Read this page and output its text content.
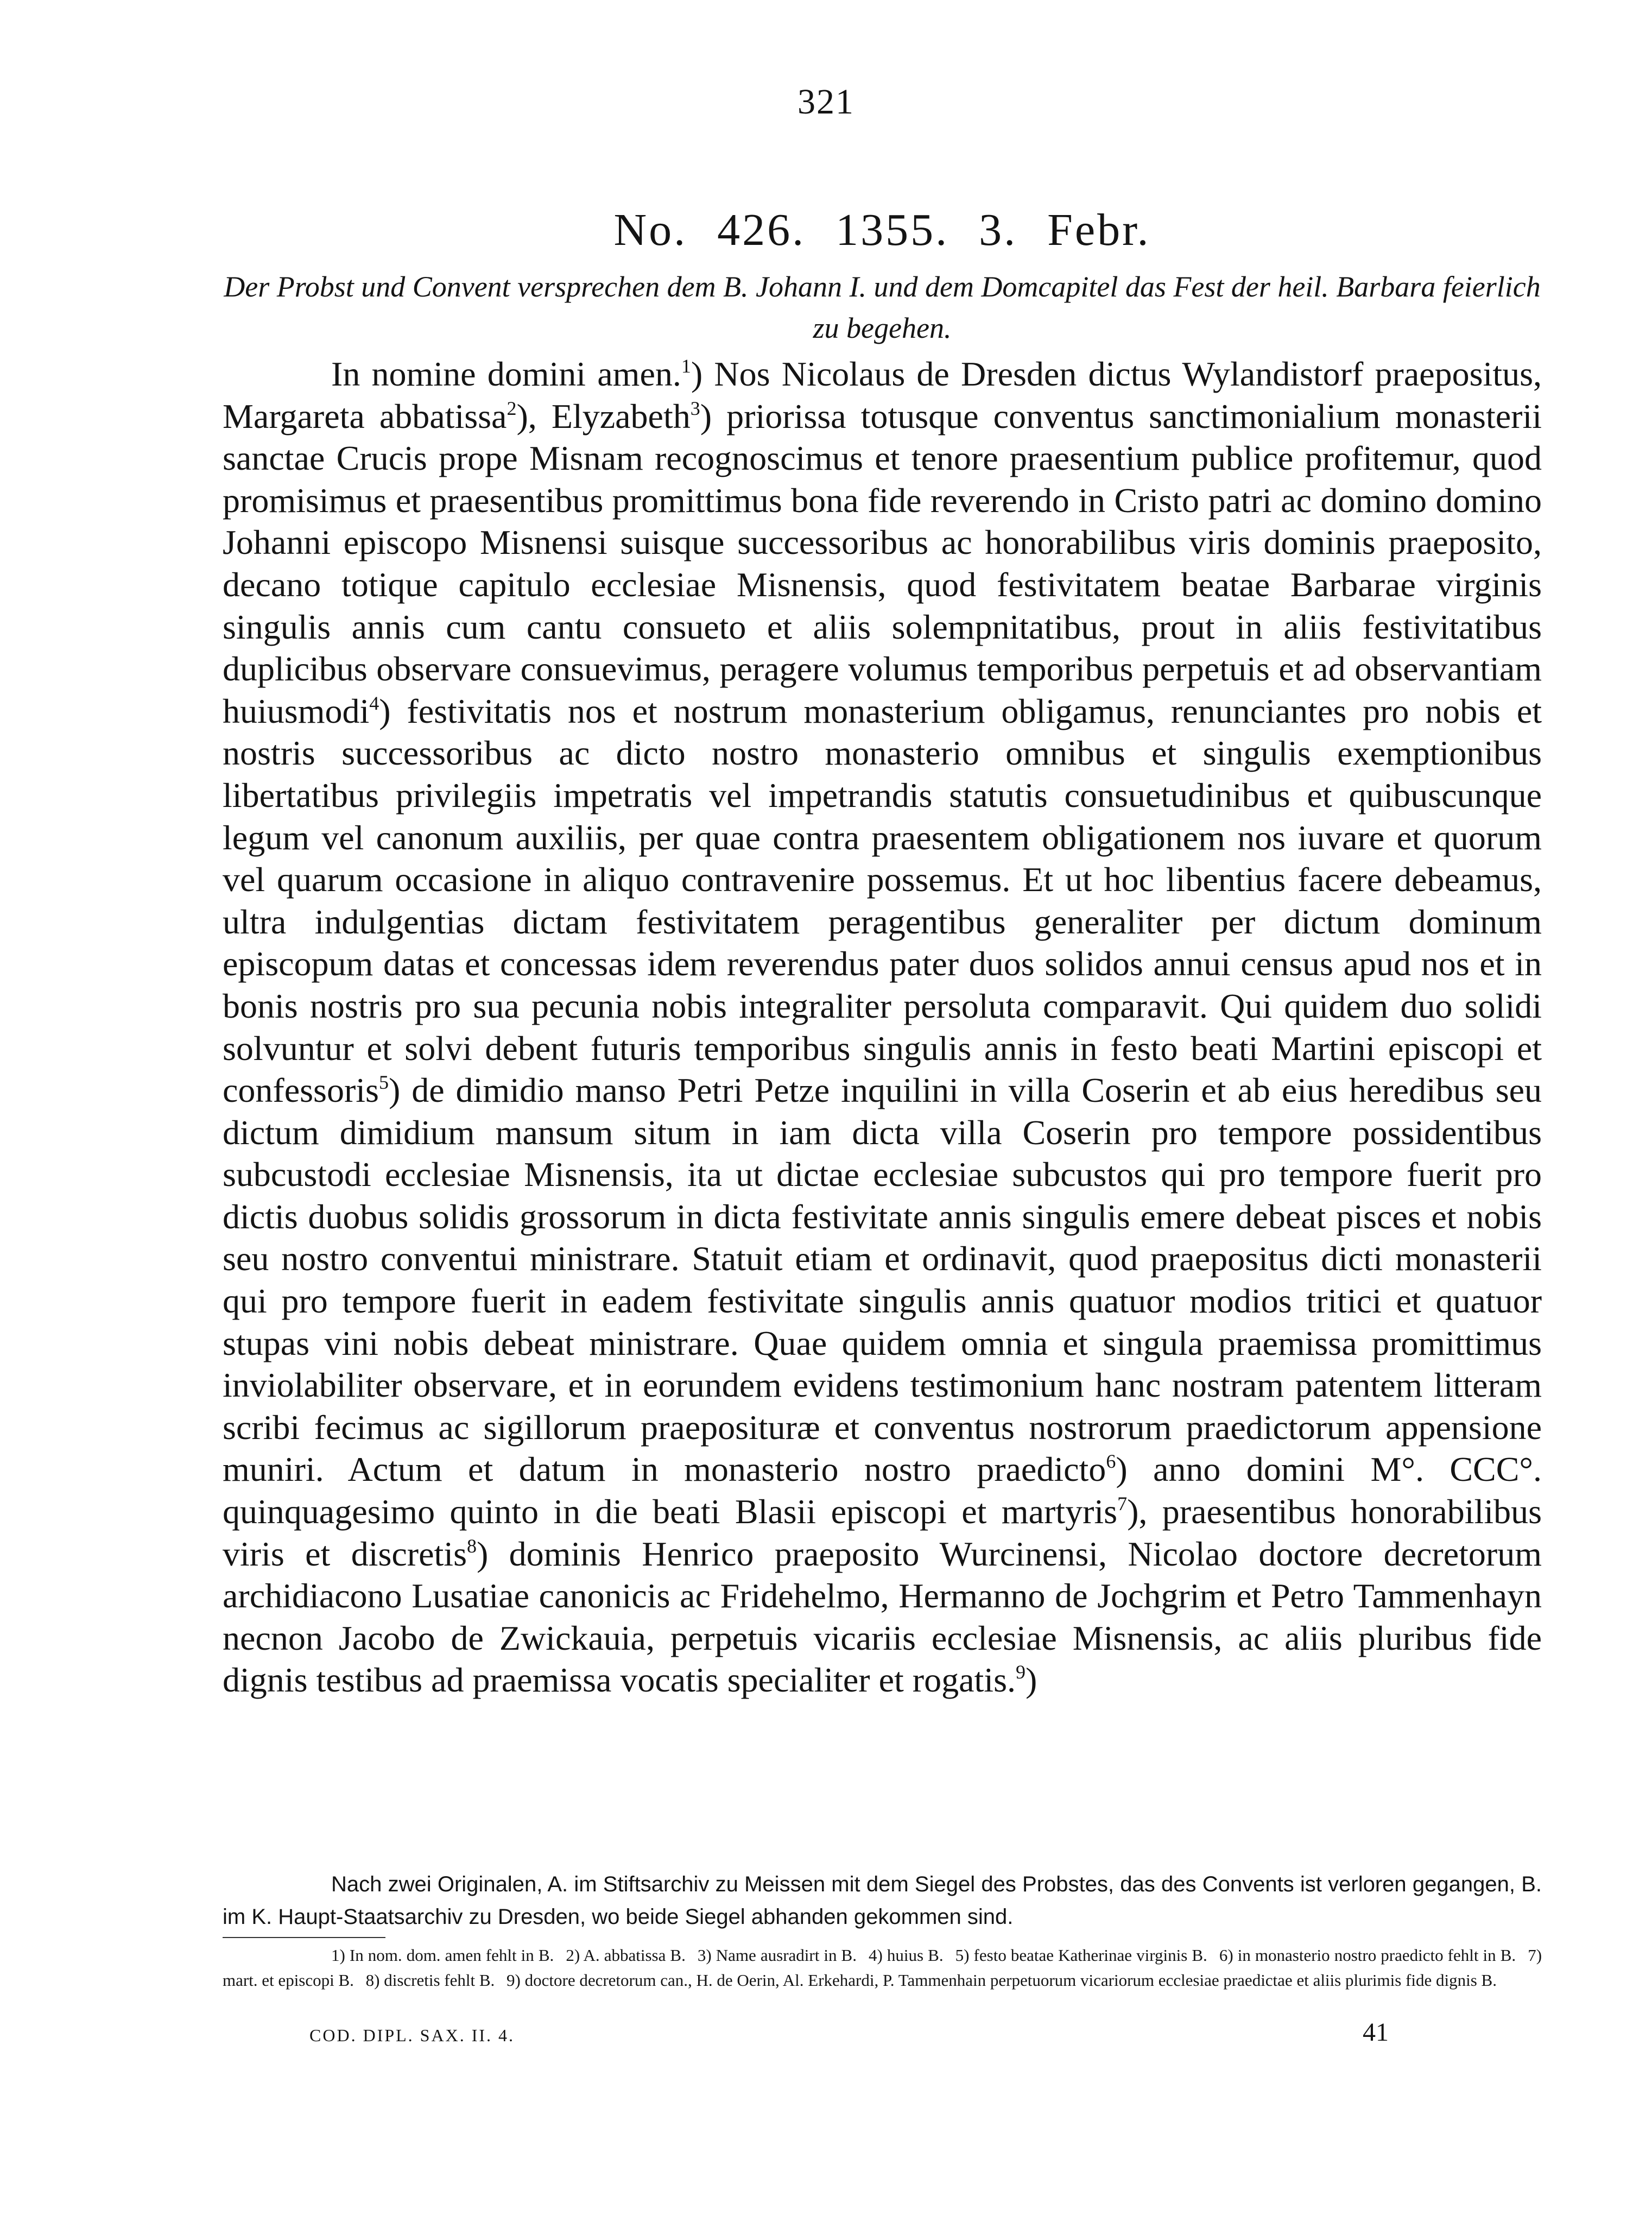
321
No. 426. 1355. 3. Febr.
Der Probst und Convent versprechen dem B. Johann I. und dem Domcapitel das Fest der heil. Barbara feierlich zu begehen.

In nomine domini amen.$^1$) Nos Nicolaus de Dresden dictus Wylandistorf praepositus, Margareta abbatissa$^2$), Elyzabeth$^3$) priorissa totusque conventus sanctimonialium monasterii sanctae Crucis prope Misnam recognoscimus et tenore praesentium publice profitemur, quod promisimus et praesentibus promittimus bona fide reverendo in Cristo patri ac domino domino Johanni episcopo Misnensi suisque successoribus ac honorabilibus viris dominis praeposito, decano totique capitulo ecclesiae Misnensis, quod festivitatem beatae Barbarae virginis singulis annis cum cantu consueto et aliis solempnitatibus, prout in aliis festivitatibus duplicibus observare consuevimus, peragere volumus temporibus perpetuis et ad observantiam huiusmodi$^4$) festivitatis nos et nostrum monasterium obligamus, renunciantes pro nobis et nostris successoribus ac dicto nostro monasterio omnibus et singulis exemptionibus libertatibus privilegiis impetratis vel impetrandis statutis consuetudinibus et quibuscunque legum vel canonum auxiliis, per quae contra praesentem obligationem nos iuvare et quorum vel quarum occasione in aliquo contravenire possemus. Et ut hoc libentius facere debeamus, ultra indulgentias dictam festivitatem peragentibus generaliter per dictum dominum episcopum datas et concessas idem reverendus pater duos solidos annui census apud nos et in bonis nostris pro sua pecunia nobis integraliter persoluta comparavit. Qui quidem duo solidi solvuntur et solvi debent futuris temporibus singulis annis in festo beati Martini episcopi et confessoris$^5$) de dimidio manso Petri Petze inquilini in villa Coserin et ab eius heredibus seu dictum dimidium mansum situm in iam dicta villa Coserin pro tempore possidentibus subcustodi ecclesiae Misnensis, ita ut dictae ecclesiae subcustos qui pro tempore fuerit pro dictis duobus solidis grossorum in dicta festivitate annis singulis emere debeat pisces et nobis seu nostro conventui ministrare. Statuit etiam et ordinavit, quod praepositus dicti monasterii qui pro tempore fuerit in eadem festivitate singulis annis quatuor modios tritici et quatuor stupas vini nobis debeat ministrare. Quae quidem omnia et singula praemissa promittimus inviolabiliter observare, et in eorundem evidens testimonium hanc nostram patentem litteram scribi fecimus ac sigillorum praeposituræ et conventus nostrorum praedictorum appensione muniri. Actum et datum in monasterio nostro praedicto$^6$) anno domini M°. CCC°. quinquagesimo quinto in die beati Blasii episcopi et martyris$^7$), praesentibus honorabilibus viris et discretis$^8$) dominis Henrico praeposito Wurcinensi, Nicolao doctore decretorum archidiacono Lusatiae canonicis ac Fridehelmo, Hermanno de Jochgrim et Petro Tammenhayn necnon Jacobo de Zwickauia, perpetuis vicariis ecclesiae Misnensis, ac aliis pluribus fide dignis testibus ad praemissa vocatis specialiter et rogatis.$^9$)

Nach zwei Originalen, A. im Stiftsarchiv zu Meissen mit dem Siegel des Probstes, das des Convents ist verloren gegangen, B. im K. Haupt-Staatsarchiv zu Dresden, wo beide Siegel abhanden gekommen sind.

1) In nom. dom. amen fehlt in B. 2) A. abbatissa B. 3) Name ausradirt in B. 4) huius B. 5) festo beatae Katherinae virginis B. 6) in monasterio nostro praedicto fehlt in B. 7) mart. et episcopi B. 8) discretis fehlt B. 9) doctore decretorum can., H. de Oerin, Al. Erkehardi, P. Tammenhain perpetuorum vicariorum ecclesiae praedictae et aliis plurimis fide dignis B.

COD. DIPL. SAX. II. 4.	41
